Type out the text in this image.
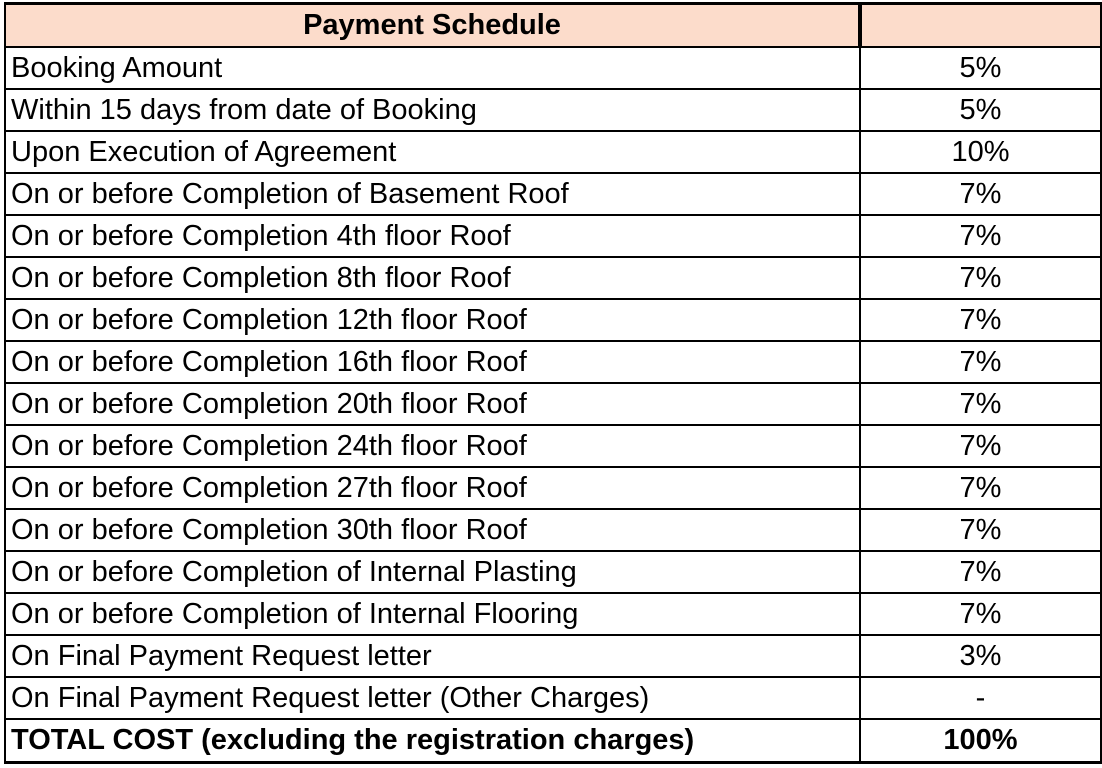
Payment Schedule	
Booking Amount	5%
Within 15 days from date of Booking	5%
Upon Execution of Agreement	10%
On or before Completion of Basement Roof	7%
On or before Completion 4th floor Roof	7%
On or before Completion 8th floor Roof	7%
On or before Completion 12th floor Roof	7%
On or before Completion 16th floor Roof	7%
On or before Completion 20th floor Roof	7%
On or before Completion 24th floor Roof	7%
On or before Completion 27th floor Roof	7%
On or before Completion 30th floor Roof	7%
On or before Completion of Internal Plasting	7%
On or before Completion of Internal Flooring	7%
On Final Payment Request letter	3%
On Final Payment Request letter (Other Charges)	-
TOTAL COST (excluding the registration charges)	100%
